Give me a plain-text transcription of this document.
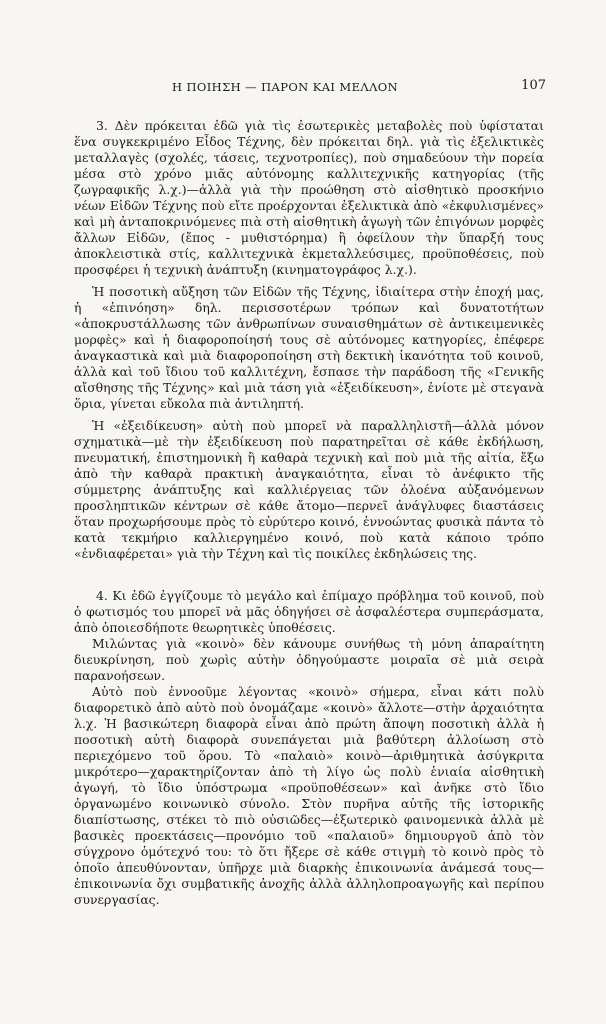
Η ΠΟΙΗΣΗ — ΠΑΡΟΝ ΚΑΙ ΜΕΛΛΟΝ	107

3. Δὲν πρόκειται ἐδῶ γιὰ τὶς ἐσωτερικὲς μεταβολὲς ποὺ ὑφίσταται ἕνα συγκεκριμένο Εἶδος Τέχνης, δὲν πρόκειται δηλ. γιὰ τὶς ἐξελικτικὲς μεταλλαγὲς (σχολές, τάσεις, τεχνοτροπίες), ποὺ σημαδεύουν τὴν πορεία μέσα στὸ χρόνο μιᾶς αὐτόνομης καλλιτεχνικῆς κατηγορίας (τῆς ζωγραφικῆς λ.χ.)—ἀλλὰ γιὰ τὴν προώθηση στὸ αἰσθητικὸ προσκήνιο νέων Εἰδῶν Τέχνης ποὺ εἴτε προέρχονται ἐξελικτικὰ ἀπὸ «ἐκφυλισμένες» καὶ μὴ ἀνταποκρινόμενες πιὰ στὴ αἰσθητικὴ ἀγωγὴ τῶν ἐπιγόνων μορφὲς ἄλλων Εἰδῶν, (ἔπος - μυθιστόρημα) ἢ ὀφείλουν τὴν ὕπαρξή τους ἀποκλειστικὰ στίς, καλλιτεχνικὰ ἐκμεταλλεύσιμες, προϋποθέσεις, ποὺ προσφέρει ἡ τεχνικὴ ἀνάπτυξη (κινηματογράφος λ.χ.).

Ἡ ποσοτικὴ αὔξηση τῶν Εἰδῶν τῆς Τέχνης, ἰδιαίτερα στὴν ἐποχή μας, ἡ «ἐπινόηση» δηλ. περισσοτέρων τρόπων καὶ δυνατοτήτων «ἀποκρυστάλλωσης τῶν ἀνθρωπίνων συναισθημάτων σὲ ἀντικειμενικὲς μορφὲς» καὶ ἡ διαφοροποίησή τους σὲ αὐτόνομες κατηγορίες, ἐπέφερε ἀναγκαστικὰ καὶ μιὰ διαφοροποίηση στὴ δεκτικὴ ἱκανότητα τοῦ κοινοῦ, ἀλλὰ καὶ τοῦ ἴδιου τοῦ καλλιτέχνη, ἔσπασε τὴν παράδοση τῆς «Γενικῆς αἴσθησης τῆς Τέχνης» καὶ μιὰ τάση γιὰ «ἐξειδίκευση», ἐνίοτε μὲ στεγανὰ ὅρια, γίνεται εὔκολα πιὰ ἀντιληπτή.

Ἡ «ἐξειδίκευση» αὐτὴ ποὺ μπορεῖ νὰ παραλληλιστῆ—ἀλλὰ μόνον σχηματικὰ—μὲ τὴν ἐξειδίκευση ποὺ παρατηρεῖται σὲ κάθε ἐκδήλωση, πνευματική, ἐπιστημονικὴ ἢ καθαρὰ τεχνικὴ καὶ ποὺ μιὰ τῆς αἰτία, ἔξω ἀπὸ τὴν καθαρὰ πρακτικὴ ἀναγκαιότητα, εἶναι τὸ ἀνέφικτο τῆς σύμμετρης ἀνάπτυξης καὶ καλλιέργειας τῶν ὁλοένα αὐξανόμενων προσληπτικῶν κέντρων σὲ κάθε ἄτομο—περνεῖ ἀνάγλυφες διαστάσεις ὅταν προχωρήσουμε πρὸς τὸ εὐρύτερο κοινό, ἐννοώντας φυσικὰ πάντα τὸ κατὰ τεκμήριο καλλιεργημένο κοινό, ποὺ κατὰ κάποιο τρόπο «ἐνδιαφέρεται» γιὰ τὴν Τέχνη καὶ τὶς ποικίλες ἐκδηλώσεις της.

4. Κι ἐδῶ ἐγγίζουμε τὸ μεγάλο καὶ ἐπίμαχο πρόβλημα τοῦ κοινοῦ, ποὺ ὁ φωτισμός του μπορεῖ νὰ μᾶς ὁδηγήσει σὲ ἀσφαλέστερα συμπεράσματα, ἀπὸ ὁποιεσδήποτε θεωρητικὲς ὑποθέσεις.

Μιλώντας γιὰ «κοινὸ» δὲν κάνουμε συνήθως τὴ μόνη ἀπαραίτητη διευκρίνηση, ποὺ χωρὶς αὐτὴν ὁδηγούμαστε μοιραῖα σὲ μιὰ σειρὰ παρανοήσεων.

Αὐτὸ ποὺ ἐννοοῦμε λέγοντας «κοινὸ» σήμερα, εἶναι κάτι πολὺ διαφορετικὸ ἀπὸ αὐτὸ ποὺ ὀνομάζαμε «κοινὸ» ἄλλοτε—στὴν ἀρχαιότητα λ.χ. Ἡ βασικώτερη διαφορὰ εἶναι ἀπὸ πρώτη ἄποψη ποσοτικὴ ἀλλὰ ἡ ποσοτικὴ αὐτὴ διαφορὰ συνεπάγεται μιὰ βαθύτερη ἀλλοίωση στὸ περιεχόμενο τοῦ ὅρου. Τὸ «παλαιὸ» κοινὸ—ἀριθμητικὰ ἀσύγκριτα μικρότερο—χαρακτηρίζονταν ἀπὸ τὴ λίγο ὡς πολὺ ἑνιαία αἰσθητικὴ ἀγωγή, τὸ ἴδιο ὑπόστρωμα «προϋποθέσεων» καὶ ἀνῆκε στὸ ἴδιο ὀργανωμένο κοινωνικὸ σύνολο. Στὸν πυρῆνα αὐτῆς τῆς ἱστορικῆς διαπίστωσης, στέκει τὸ πιὸ οὐσιῶδες—ἐξωτερικὸ φαινομενικὰ ἀλλὰ μὲ βασικὲς προεκτάσεις—προνόμιο τοῦ «παλαιοῦ» δημιουργοῦ ἀπὸ τὸν σύγχρονο ὁμότεχνό του: τὸ ὅτι ἤξερε σὲ κάθε στιγμὴ τὸ κοινὸ πρὸς τὸ ὁποῖο ἀπευθύνονταν, ὑπῆρχε μιὰ διαρκὴς ἐπικοινωνία ἀνάμεσά τους—ἐπικοινωνία ὄχι συμβατικῆς ἀνοχῆς ἀλλὰ ἀλληλοπροαγωγῆς καὶ περίπου συνεργασίας.
